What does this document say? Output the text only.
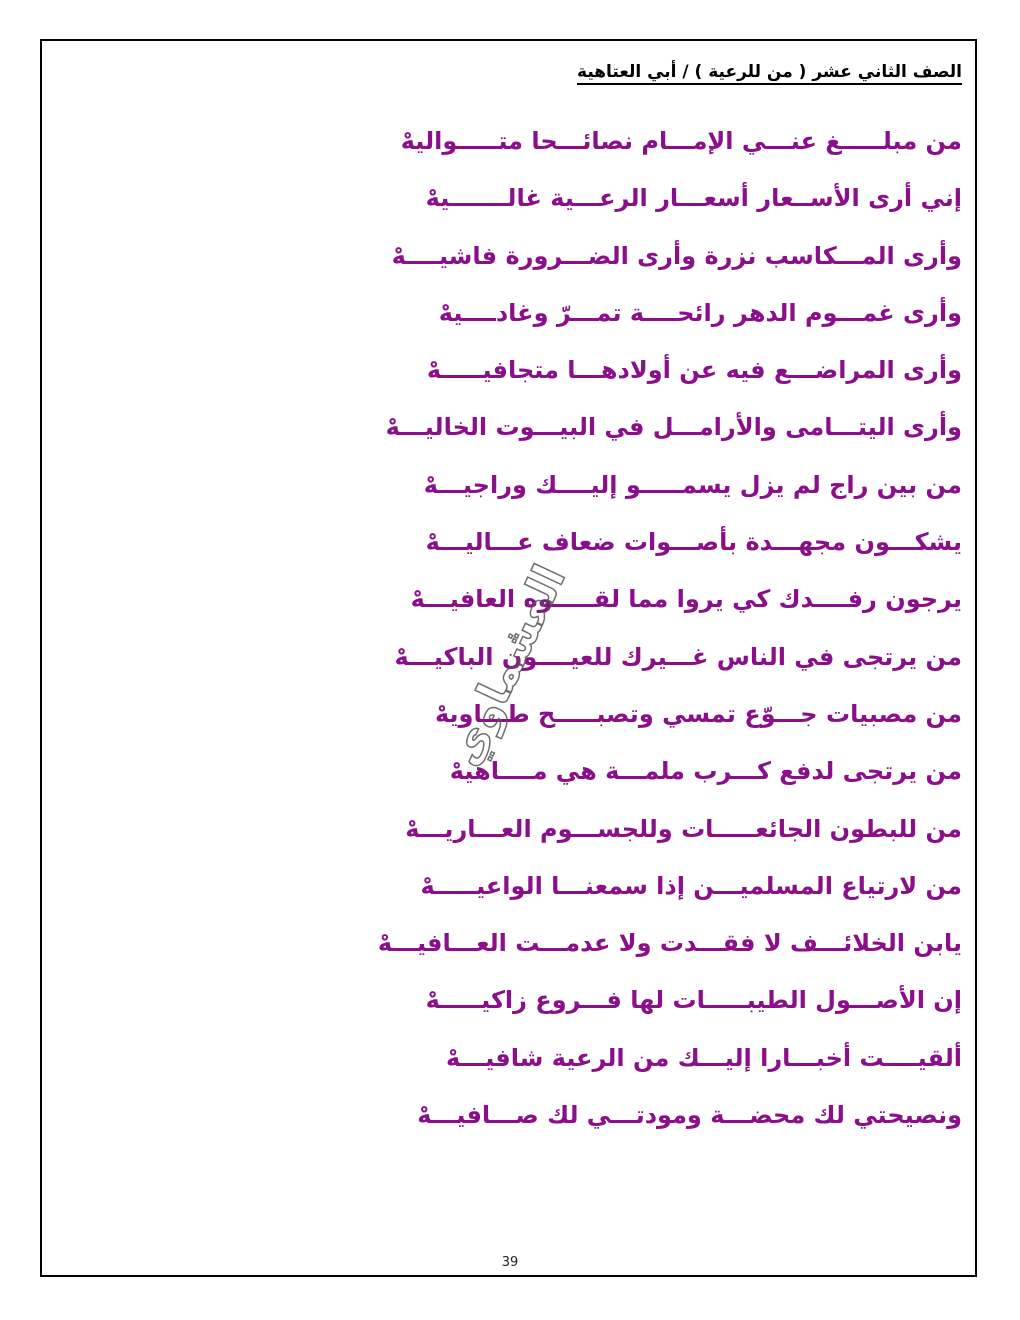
الصف الثاني عشر ( من للرعية ) / أبي العتاهية
من مبلـــــغ عنـــي الإمـــام نصائـــحا متـــــواليهْ
إني أرى الأســعار أسعـــار الرعـــية غالـــــــيهْ
وأرى المـــكاسب نزرة وأرى الضـــرورة فاشيــــهْ
وأرى غمـــوم الدهر رائحــــة تمـــرّ وغادــــيهْ
وأرى المراضـــع فيه عن أولادهـــا متجافيـــــهْ
وأرى اليتـــامى والأرامـــل في البيـــوت الخاليـــهْ
من بين راج لم يزل يسمـــــو إليــــك وراجيـــهْ
يشكـــون مجهـــدة بأصـــوات ضعاف عـــاليـــهْ
يرجون رفــــدك كي يروا مما لقـــــوه العافيـــهْ
من يرتجى في الناس غـــيرك للعيــــون الباكيـــهْ
من مصبيات جـــوّع تمسي وتصبـــــح طـــاويهْ
من يرتجى لدفع كـــرب ملمـــة هي مــــاهيهْ
من للبطون الجائعـــــات وللجســـوم العـــاريـــهْ
من لارتياع المسلميـــن إذا سمعنـــا الواعيـــــهْ
يابن الخلائـــف لا فقـــدت ولا عدمـــت العـــافيـــهْ
إن الأصـــول الطيبـــــات لها فـــروع زاكيـــــهْ
ألقيــــت أخبـــارا إليـــك من الرعية شافيـــهْ
ونصيحتي لك محضـــة ومودتـــي لك صـــافيـــهْ
العشماوي
39
